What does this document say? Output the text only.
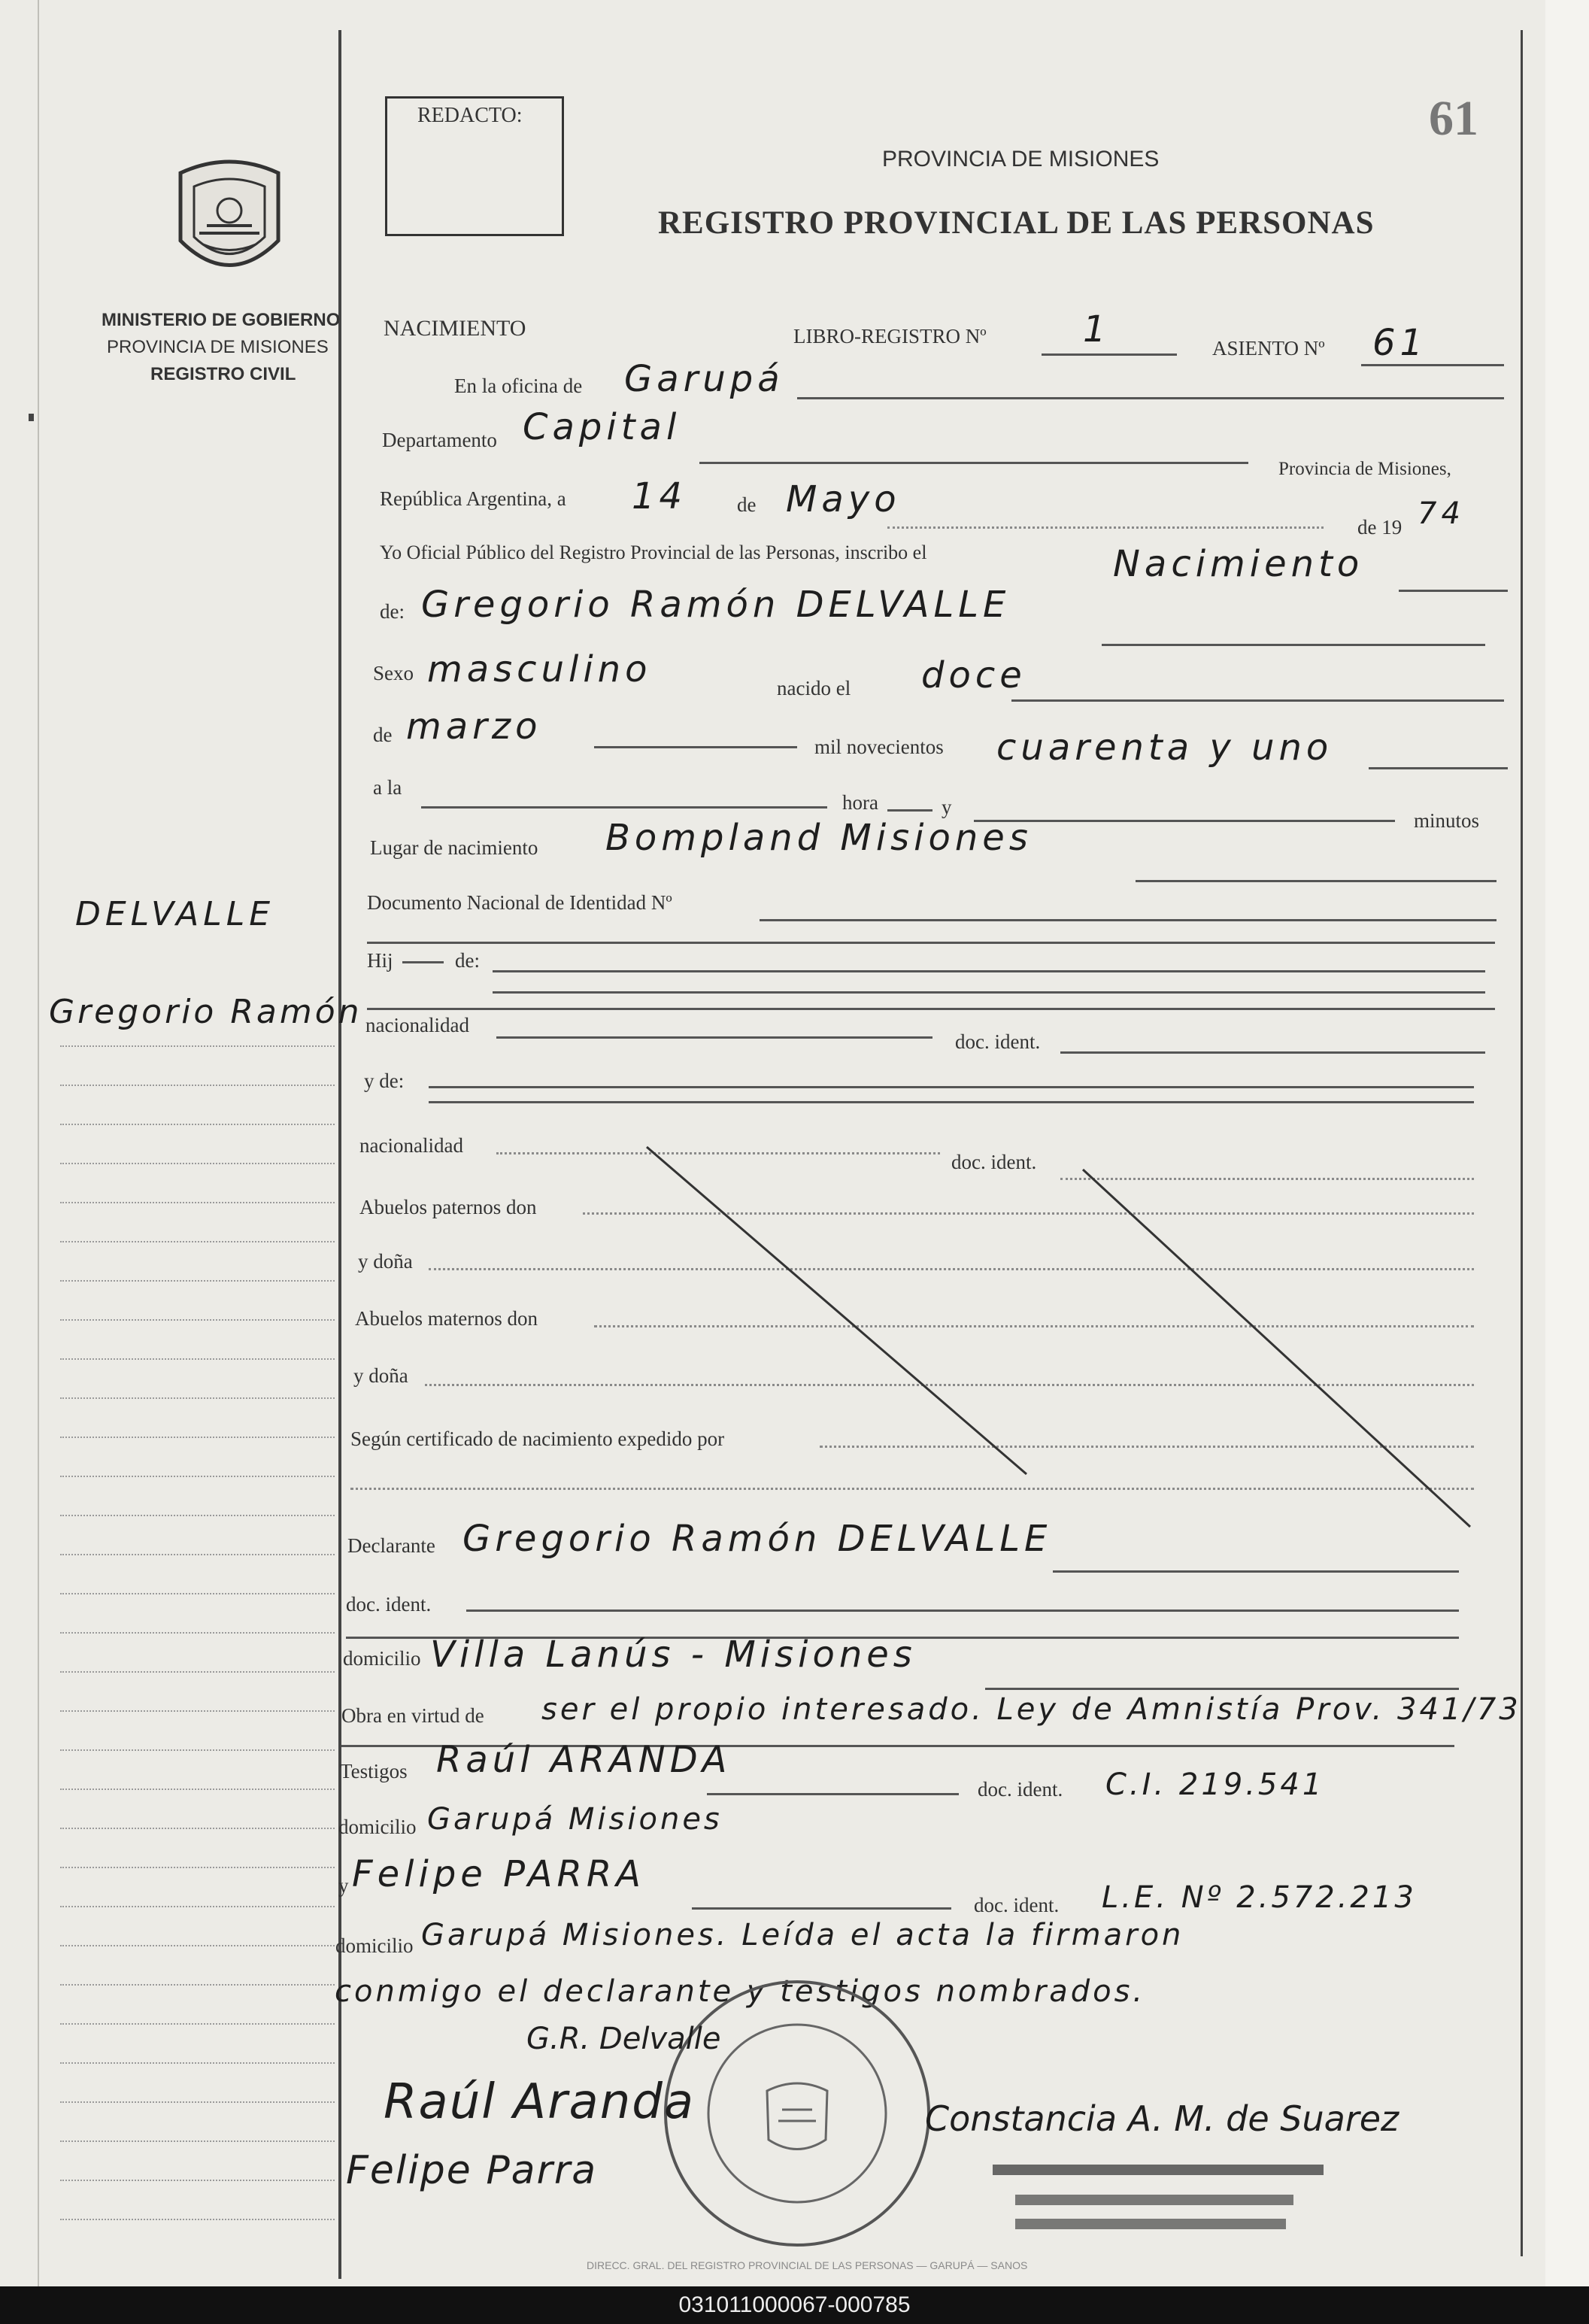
MINISTERIO DE GOBIERNO
PROVINCIA DE MISIONES
REGISTRO CIVIL
DELVALLE
Gregorio Ramón
REDACTO:	61
PROVINCIA DE MISIONES
REGISTRO PROVINCIAL DE LAS PERSONAS
NACIMIENTO	LIBRO-REGISTRO Nº	1	ASIENTO Nº 61
En la oficina de Garupá
Departamento Capital
Provincia de Misiones,
República Argentina, a 14 de Mayo
de 19 74
Yo Oficial Público del Registro Provincial de las Personas, inscribo el	Nacimiento
de: Gregorio Ramón DELVALLE
Sexo masculino	nacido el doce
de marzo	mil novecientos cuarenta y uno
a la
hora	y
minutos
Lugar de nacimiento Bompland Misiones
Documento Nacional de Identidad Nº
Hij	de:
nacionalidad
doc. ident.
y de:
nacionalidad
doc. ident.
Abuelos paternos don
y doña
Abuelos maternos don
y doña
Según certificado de nacimiento expedido por
Declarante Gregorio Ramón DELVALLE
doc. ident.
domicilio Villa Lanús - Misiones
Obra en virtud de ser el propio interesado. Ley de Amnistía Prov. 341/73
Testigos Raúl ARANDA
doc. ident. C.I. 219.541
domicilio Garupá Misiones
y Felipe PARRA
doc. ident. L.E. Nº 2.572.213
domicilio Garupá Misiones. Leída el acta la firmaron
conmigo el declarante y testigos nombrados.
DIRECC. GRAL. DEL REGISTRO PROVINCIAL DE LAS PERSONAS — GARUPÁ — SANOS
G.R. Delvalle
Raúl Aranda
Felipe Parra
Constancia A. M. de Suarez
031011000067-000785
